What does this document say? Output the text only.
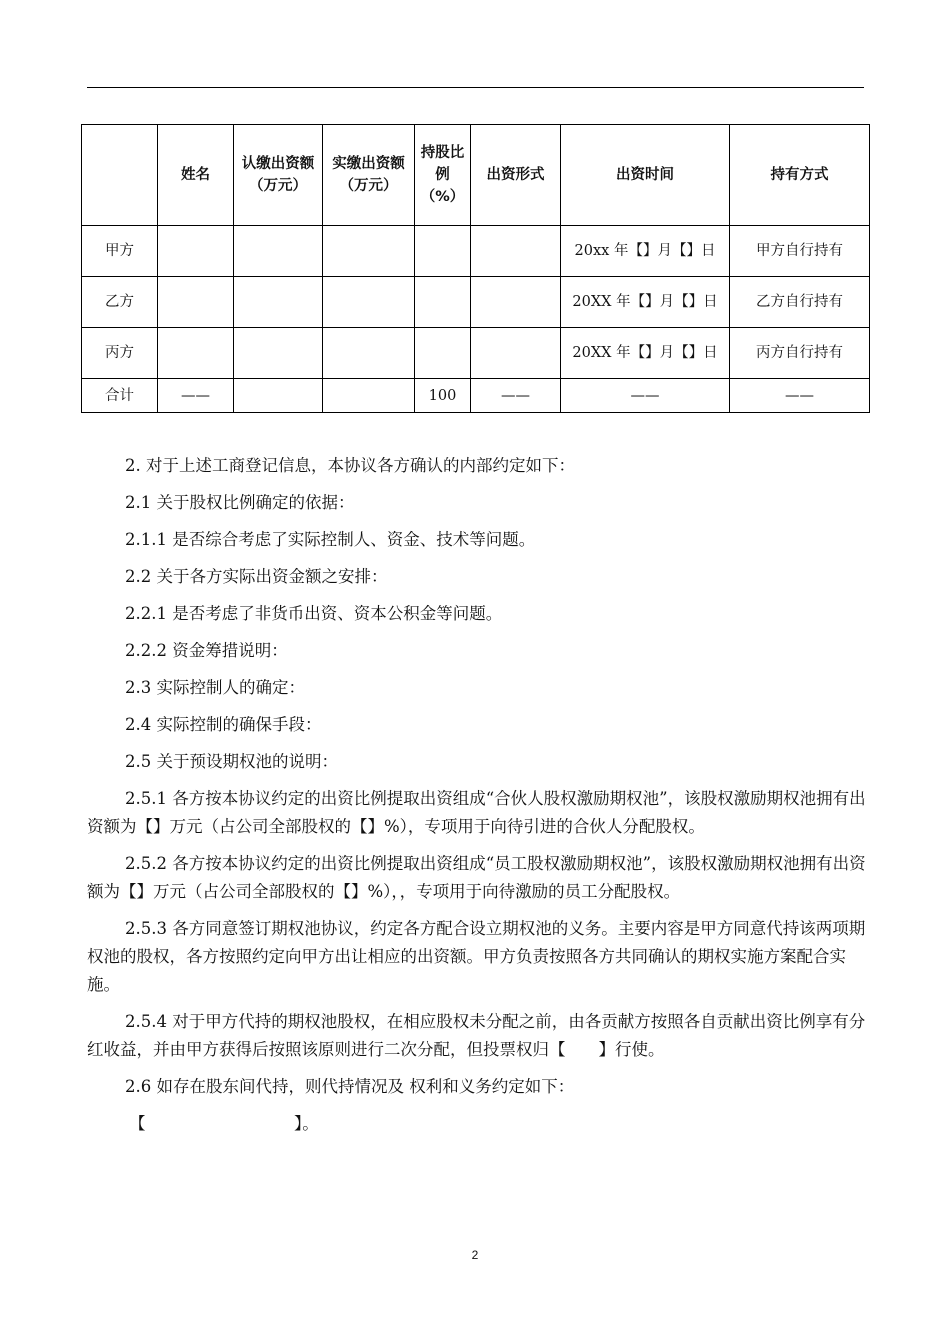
	姓名	认缴出资额（万元）	实缴出资额（万元）	持股比例（%）	出资形式	出资时间	持有方式
甲方						20xx 年【】月【】日	甲方自行持有
乙方						20XX 年【】月【】日	乙方自行持有
丙方						20XX 年【】月【】日	丙方自行持有
合计	——			100	——	——	——

2. 对于上述工商登记信息，本协议各方确认的内部约定如下：

2.1 关于股权比例确定的依据：

2.1.1 是否综合考虑了实际控制人、资金、技术等问题。

2.2 关于各方实际出资金额之安排：

2.2.1 是否考虑了非货币出资、资本公积金等问题。

2.2.2 资金筹措说明：

2.3 实际控制人的确定：

2.4 实际控制的确保手段：

2.5 关于预设期权池的说明：

2.5.1 各方按本协议约定的出资比例提取出资组成“合伙人股权激励期权池”，该股权激励期权池拥有出资额为【】万元（占公司全部股权的【】%），专项用于向待引进的合伙人分配股权。

2.5.2 各方按本协议约定的出资比例提取出资组成“员工股权激励期权池”，该股权激励期权池拥有出资额为【】万元（占公司全部股权的【】%），，专项用于向待激励的员工分配股权。

2.5.3 各方同意签订期权池协议，约定各方配合设立期权池的义务。主要内容是甲方同意代持该两项期权池的股权，各方按照约定向甲方出让相应的出资额。甲方负责按照各方共同确认的期权实施方案配合实施。

2.5.4 对于甲方代持的期权池股权，在相应股权未分配之前，由各贡献方按照各自贡献出资比例享有分红收益，并由甲方获得后按照该原则进行二次分配，但投票权归【　　】行使。

2.6 如存在股东间代持，则代持情况及 权利和义务约定如下：

【　　　　　　　　　】。

2
